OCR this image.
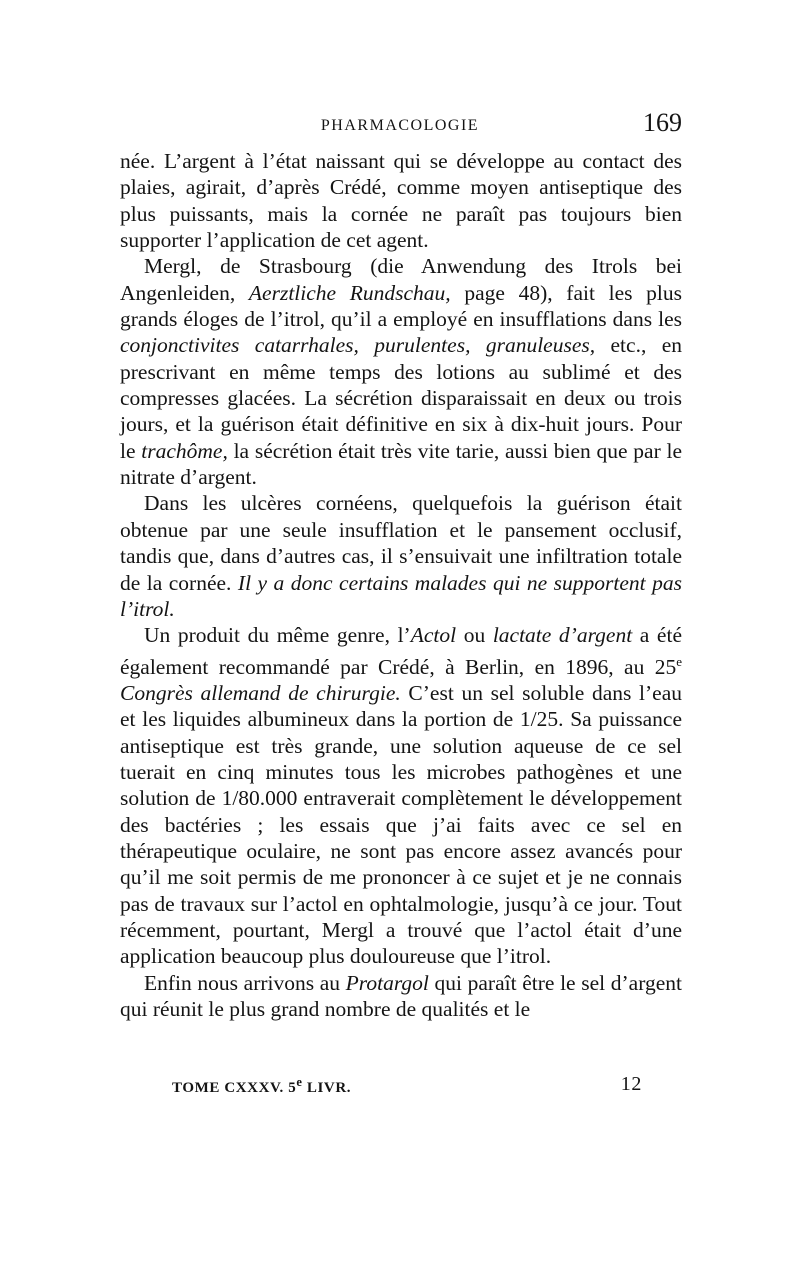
PHARMACOLOGIE	169

née. L’argent à l’état naissant qui se développe au contact des plaies, agirait, d’après Crédé, comme moyen antiseptique des plus puissants, mais la cornée ne paraît pas toujours bien supporter l’application de cet agent.

Mergl, de Strasbourg (die Anwendung des Itrols bei Angenleiden, Aerztliche Rundschau, page 48), fait les plus grands éloges de l’itrol, qu’il a employé en insufflations dans les conjonctivites catarrhales, purulentes, granuleuses, etc., en prescrivant en même temps des lotions au sublimé et des compresses glacées. La sécrétion disparaissait en deux ou trois jours, et la guérison était définitive en six à dix-huit jours. Pour le trachôme, la sécrétion était très vite tarie, aussi bien que par le nitrate d’argent.

Dans les ulcères cornéens, quelquefois la guérison était obtenue par une seule insufflation et le pansement occlusif, tandis que, dans d’autres cas, il s’ensuivait une infiltration totale de la cornée. Il y a donc certains malades qui ne supportent pas l’itrol.

Un produit du même genre, l’Actol ou lactate d’argent a été également recommandé par Crédé, à Berlin, en 1896, au 25e Congrès allemand de chirurgie. C’est un sel soluble dans l’eau et les liquides albumineux dans la portion de 1/25. Sa puissance antiseptique est très grande, une solution aqueuse de ce sel tuerait en cinq minutes tous les microbes pathogènes et une solution de 1/80.000 entraverait complètement le développement des bactéries ; les essais que j’ai faits avec ce sel en thérapeutique oculaire, ne sont pas encore assez avancés pour qu’il me soit permis de me prononcer à ce sujet et je ne connais pas de travaux sur l’actol en ophtalmologie, jusqu’à ce jour. Tout récemment, pourtant, Mergl a trouvé que l’actol était d’une application beaucoup plus douloureuse que l’itrol.

Enfin nous arrivons au Protargol qui paraît être le sel d’argent qui réunit le plus grand nombre de qualités et le

TOME CXXXV. 5e LIVR.	12
